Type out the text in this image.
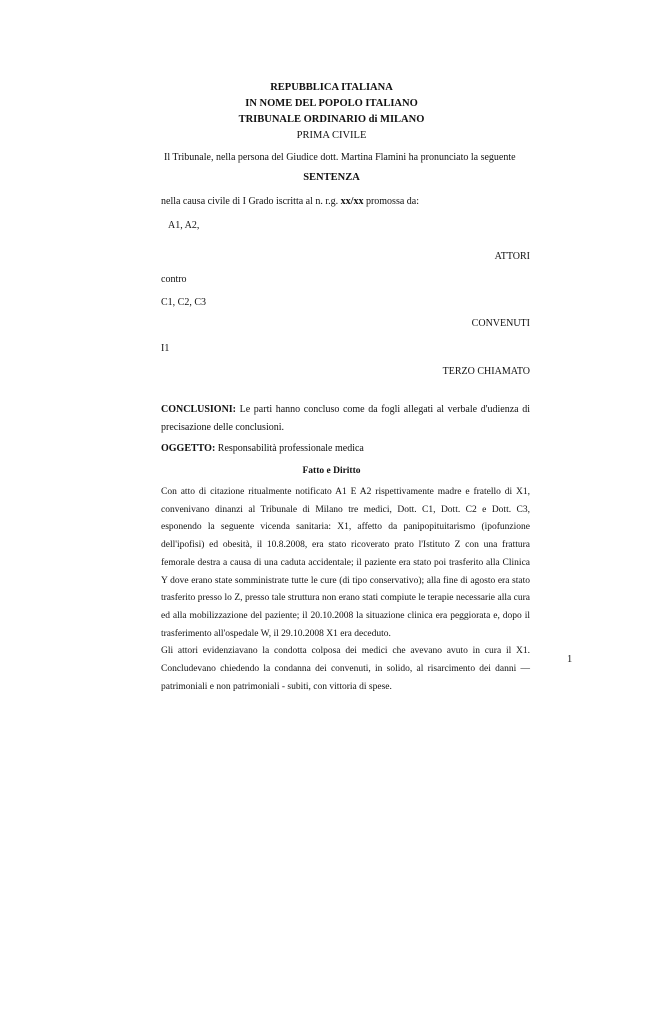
REPUBBLICA ITALIANA
IN NOME DEL POPOLO ITALIANO
TRIBUNALE ORDINARIO di MILANO
PRIMA CIVILE
Il Tribunale, nella persona del Giudice dott. Martina Flamini ha pronunciato la seguente
SENTENZA
nella causa civile di I Grado iscritta al n. r.g. xx/xx promossa da:
A1, A2,
ATTORI
contro
C1, C2, C3
CONVENUTI
I1
TERZO CHIAMATO
CONCLUSIONI: Le parti hanno concluso come da fogli allegati al verbale d'udienza di precisazione delle conclusioni.
OGGETTO: Responsabilità professionale medica
Fatto e Diritto

Con atto di citazione ritualmente notificato A1 E A2 rispettivamente madre e fratello di X1, convenivano dinanzi al Tribunale di Milano tre medici, Dott. C1, Dott. C2 e Dott. C3, esponendo la seguente vicenda sanitaria: X1, affetto da panipopituitarismo (ipofunzione dell'ipofisi) ed obesità, il 10.8.2008, era stato ricoverato prato l'Istituto Z con una frattura femorale destra a causa di una caduta accidentale; il paziente era stato poi trasferito alla Clinica Y dove erano state somministrate tutte le cure (di tipo conservativo); alla fine di agosto era stato trasferito presso lo Z, presso tale struttura non erano stati compiute le terapie necessarie alla cura ed alla mobilizzazione del paziente; il 20.10.2008 la situazione clinica era peggiorata e, dopo il trasferimento all'ospedale W, il 29.10.2008 X1 era deceduto.

Gli attori evidenziavano la condotta colposa dei medici che avevano avuto in cura il X1. Concludevano chiedendo la condanna dei convenuti, in solido, al risarcimento dei danni — patrimoniali e non patrimoniali - subiti, con vittoria di spese.

1
